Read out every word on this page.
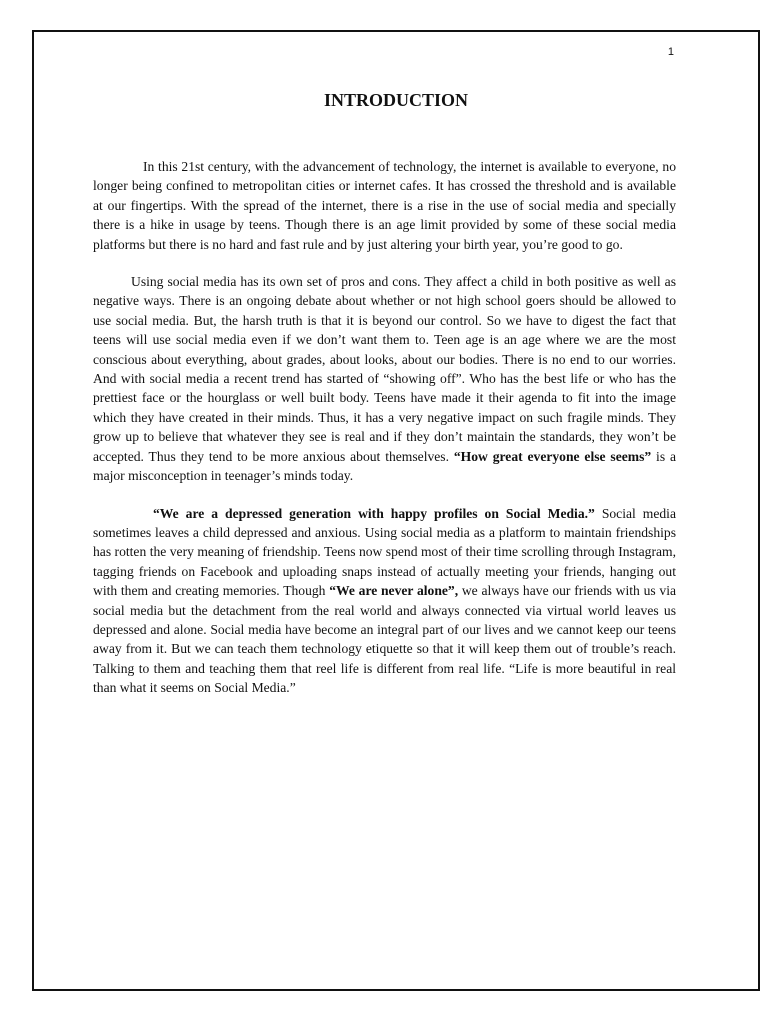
1
INTRODUCTION

In this 21st century, with the advancement of technology, the internet is available to everyone, no longer being confined to metropolitan cities or internet cafes. It has crossed the threshold and is available at our fingertips. With the spread of the internet, there is a rise in the use of social media and specially there is a hike in usage by teens. Though there is an age limit provided by some of these social media platforms but there is no hard and fast rule and by just altering your birth year, you’re good to go.

Using social media has its own set of pros and cons. They affect a child in both positive as well as negative ways. There is an ongoing debate about whether or not high school goers should be allowed to use social media. But, the harsh truth is that it is beyond our control. So we have to digest the fact that teens will use social media even if we don’t want them to. Teen age is an age where we are the most conscious about everything, about grades, about looks, about our bodies. There is no end to our worries. And with social media a recent trend has started of “showing off”. Who has the best life or who has the prettiest face or the hourglass or well built body. Teens have made it their agenda to fit into the image which they have created in their minds. Thus, it has a very negative impact on such fragile minds. They grow up to believe that whatever they see is real and if they don’t maintain the standards, they won’t be accepted. Thus they tend to be more anxious about themselves. “How great everyone else seems” is a major misconception in teenager’s minds today.

“We are a depressed generation with happy profiles on Social Media.” Social media sometimes leaves a child depressed and anxious. Using social media as a platform to maintain friendships has rotten the very meaning of friendship. Teens now spend most of their time scrolling through Instagram, tagging friends on Facebook and uploading snaps instead of actually meeting your friends, hanging out with them and creating memories. Though “We are never alone”, we always have our friends with us via social media but the detachment from the real world and always connected via virtual world leaves us depressed and alone. Social media have become an integral part of our lives and we cannot keep our teens away from it. But we can teach them technology etiquette so that it will keep them out of trouble’s reach. Talking to them and teaching them that reel life is different from real life. “Life is more beautiful in real than what it seems on Social Media.”
